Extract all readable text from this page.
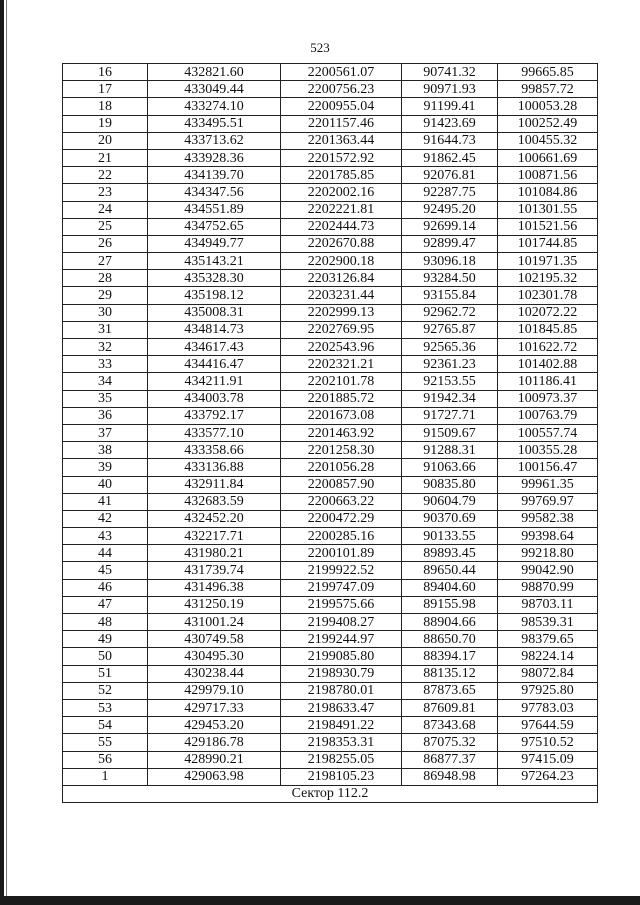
523
16	432821.60	2200561.07	90741.32	99665.85
17	433049.44	2200756.23	90971.93	99857.72
18	433274.10	2200955.04	91199.41	100053.28
19	433495.51	2201157.46	91423.69	100252.49
20	433713.62	2201363.44	91644.73	100455.32
21	433928.36	2201572.92	91862.45	100661.69
22	434139.70	2201785.85	92076.81	100871.56
23	434347.56	2202002.16	92287.75	101084.86
24	434551.89	2202221.81	92495.20	101301.55
25	434752.65	2202444.73	92699.14	101521.56
26	434949.77	2202670.88	92899.47	101744.85
27	435143.21	2202900.18	93096.18	101971.35
28	435328.30	2203126.84	93284.50	102195.32
29	435198.12	2203231.44	93155.84	102301.78
30	435008.31	2202999.13	92962.72	102072.22
31	434814.73	2202769.95	92765.87	101845.85
32	434617.43	2202543.96	92565.36	101622.72
33	434416.47	2202321.21	92361.23	101402.88
34	434211.91	2202101.78	92153.55	101186.41
35	434003.78	2201885.72	91942.34	100973.37
36	433792.17	2201673.08	91727.71	100763.79
37	433577.10	2201463.92	91509.67	100557.74
38	433358.66	2201258.30	91288.31	100355.28
39	433136.88	2201056.28	91063.66	100156.47
40	432911.84	2200857.90	90835.80	99961.35
41	432683.59	2200663.22	90604.79	99769.97
42	432452.20	2200472.29	90370.69	99582.38
43	432217.71	2200285.16	90133.55	99398.64
44	431980.21	2200101.89	89893.45	99218.80
45	431739.74	2199922.52	89650.44	99042.90
46	431496.38	2199747.09	89404.60	98870.99
47	431250.19	2199575.66	89155.98	98703.11
48	431001.24	2199408.27	88904.66	98539.31
49	430749.58	2199244.97	88650.70	98379.65
50	430495.30	2199085.80	88394.17	98224.14
51	430238.44	2198930.79	88135.12	98072.84
52	429979.10	2198780.01	87873.65	97925.80
53	429717.33	2198633.47	87609.81	97783.03
54	429453.20	2198491.22	87343.68	97644.59
55	429186.78	2198353.31	87075.32	97510.52
56	428990.21	2198255.05	86877.37	97415.09
1	429063.98	2198105.23	86948.98	97264.23
Сектор 112.2				
